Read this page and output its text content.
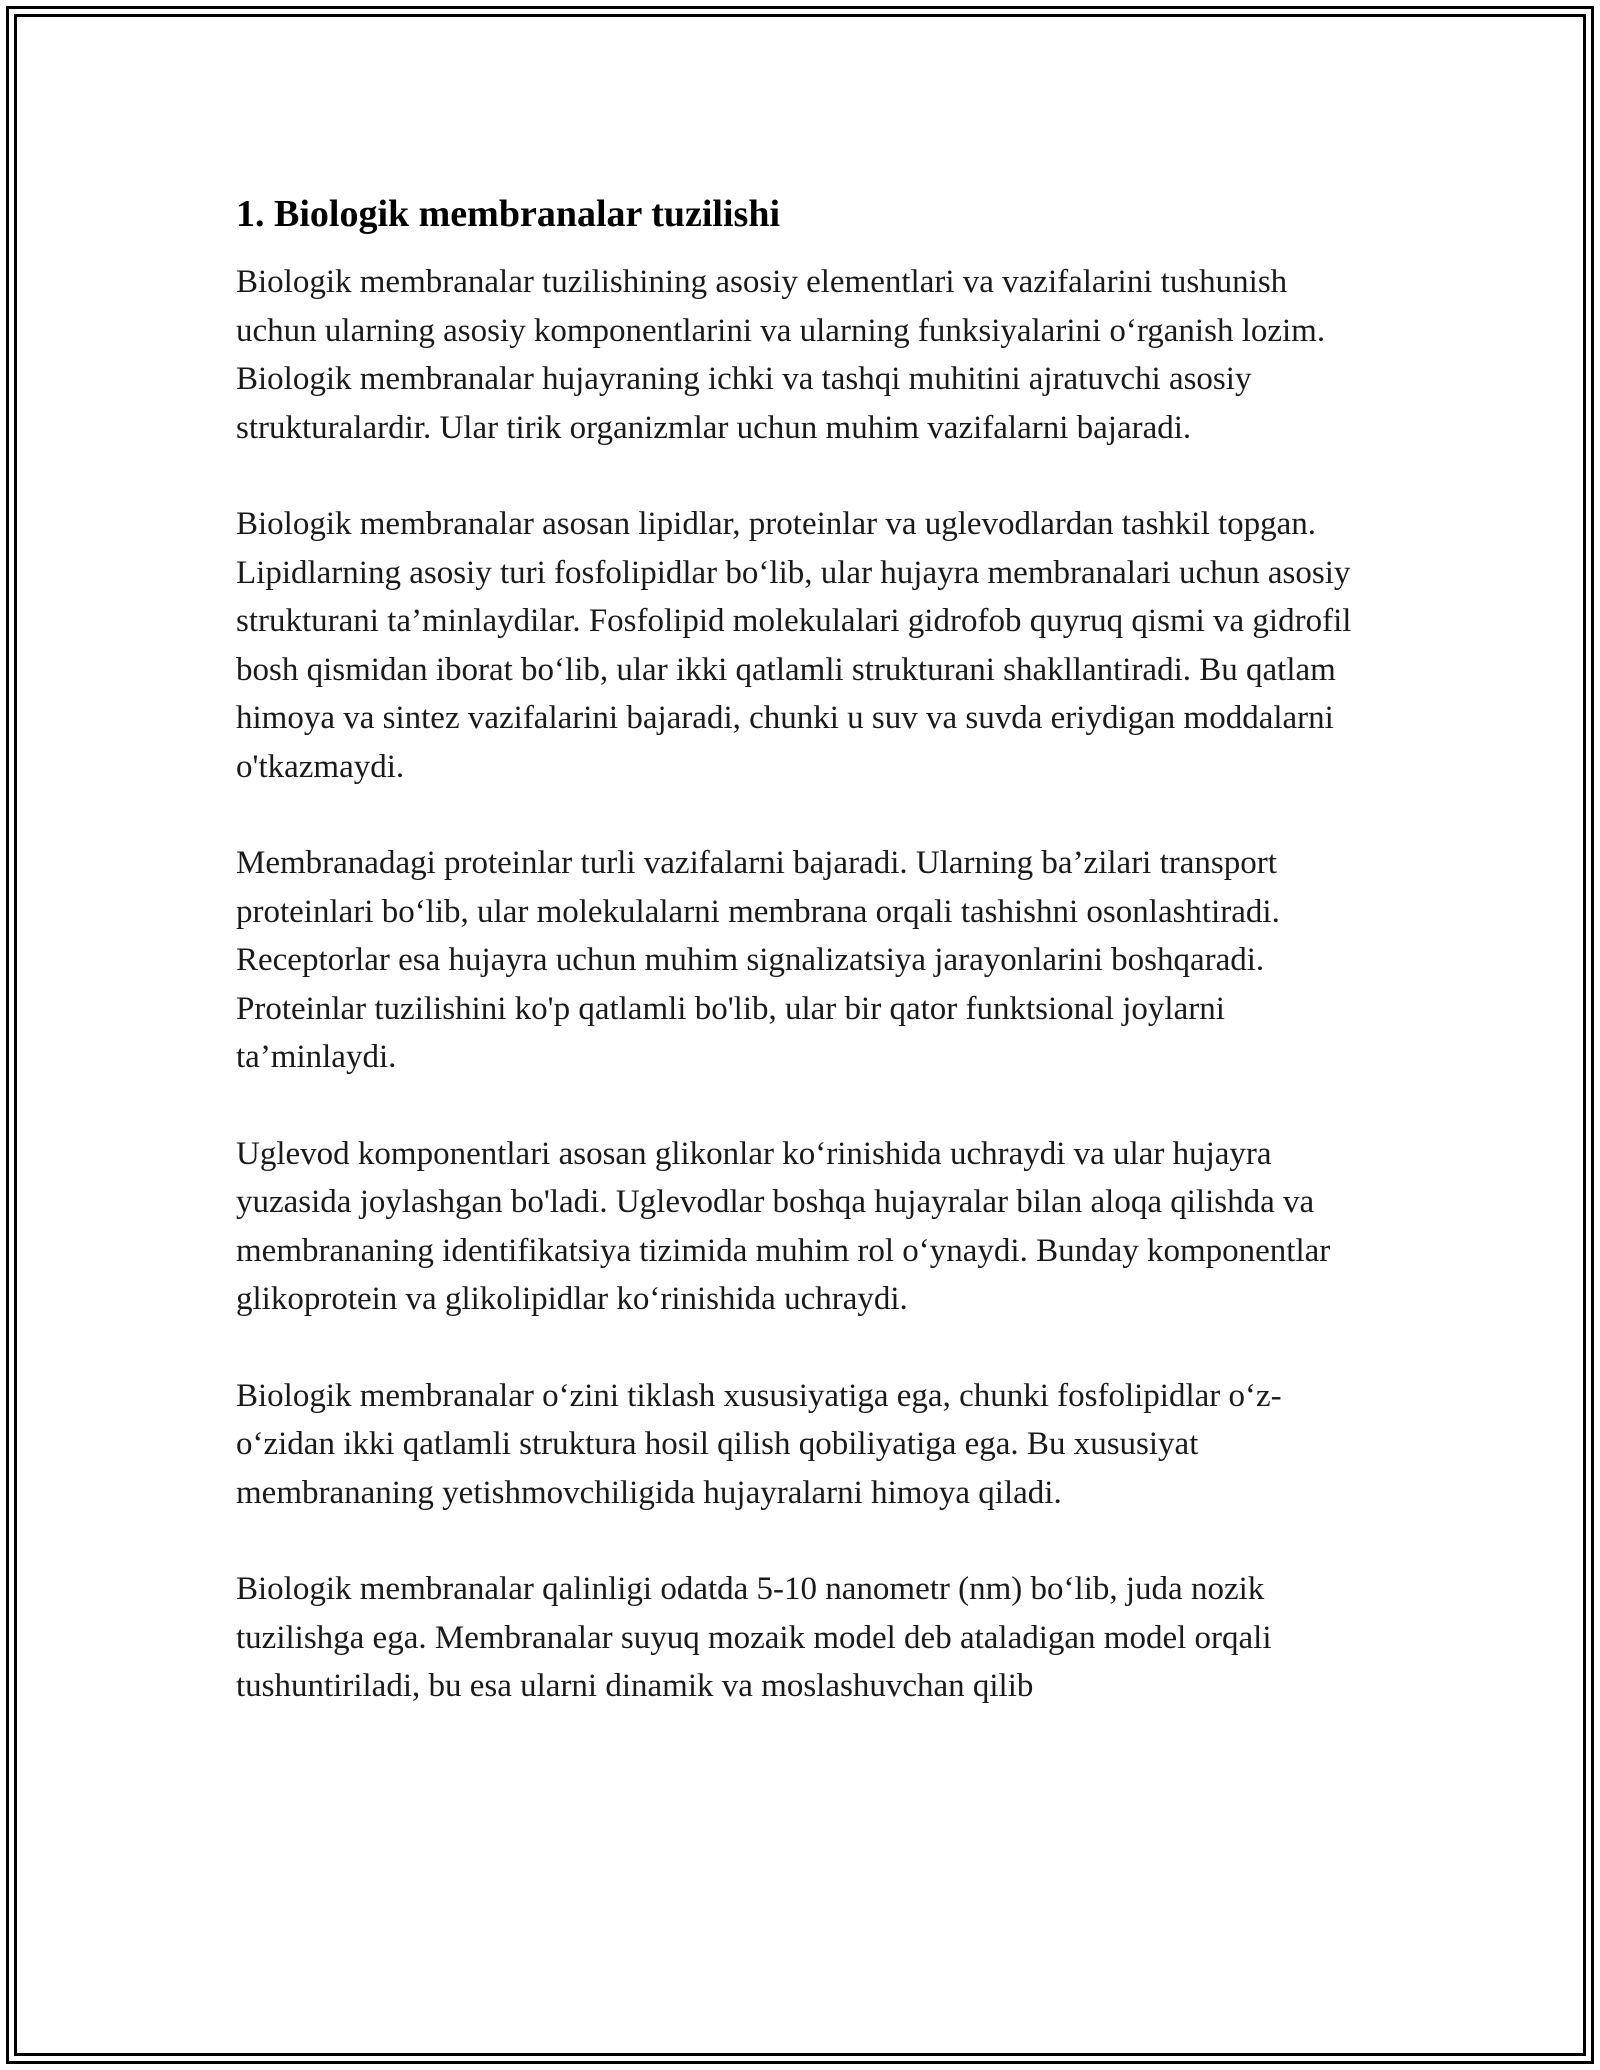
1. Biologik membranalar tuzilishi

Biologik membranalar tuzilishining asosiy elementlari va vazifalarini tushunish uchun ularning asosiy komponentlarini va ularning funksiyalarini o‘rganish lozim. Biologik membranalar hujayraning ichki va tashqi muhitini ajratuvchi asosiy strukturalardir. Ular tirik organizmlar uchun muhim vazifalarni bajaradi.

Biologik membranalar asosan lipidlar, proteinlar va uglevodlardan tashkil topgan. Lipidlarning asosiy turi fosfolipidlar bo‘lib, ular hujayra membranalari uchun asosiy strukturani ta’minlaydilar. Fosfolipid molekulalari gidrofob quyruq qismi va gidrofil bosh qismidan iborat bo‘lib, ular ikki qatlamli strukturani shakllantiradi. Bu qatlam himoya va sintez vazifalarini bajaradi, chunki u suv va suvda eriydigan moddalarni o'tkazmaydi.

Membranadagi proteinlar turli vazifalarni bajaradi. Ularning ba’zilari transport proteinlari bo‘lib, ular molekulalarni membrana orqali tashishni osonlashtiradi. Receptorlar esa hujayra uchun muhim signalizatsiya jarayonlarini boshqaradi. Proteinlar tuzilishini ko'p qatlamli bo'lib, ular bir qator funktsional joylarni ta’minlaydi.

Uglevod komponentlari asosan glikonlar ko‘rinishida uchraydi va ular hujayra yuzasida joylashgan bo'ladi. Uglevodlar boshqa hujayralar bilan aloqa qilishda va membrananing identifikatsiya tizimida muhim rol o‘ynaydi. Bunday komponentlar glikoprotein va glikolipidlar ko‘rinishida uchraydi.

Biologik membranalar o‘zini tiklash xususiyatiga ega, chunki fosfolipidlar o‘z-o‘zidan ikki qatlamli struktura hosil qilish qobiliyatiga ega. Bu xususiyat membrananing yetishmovchiligida hujayralarni himoya qiladi.

Biologik membranalar qalinligi odatda 5-10 nanometr (nm) bo‘lib, juda nozik tuzilishga ega. Membranalar suyuq mozaik model deb ataladigan model orqali tushuntiriladi, bu esa ularni dinamik va moslashuvchan qilib
